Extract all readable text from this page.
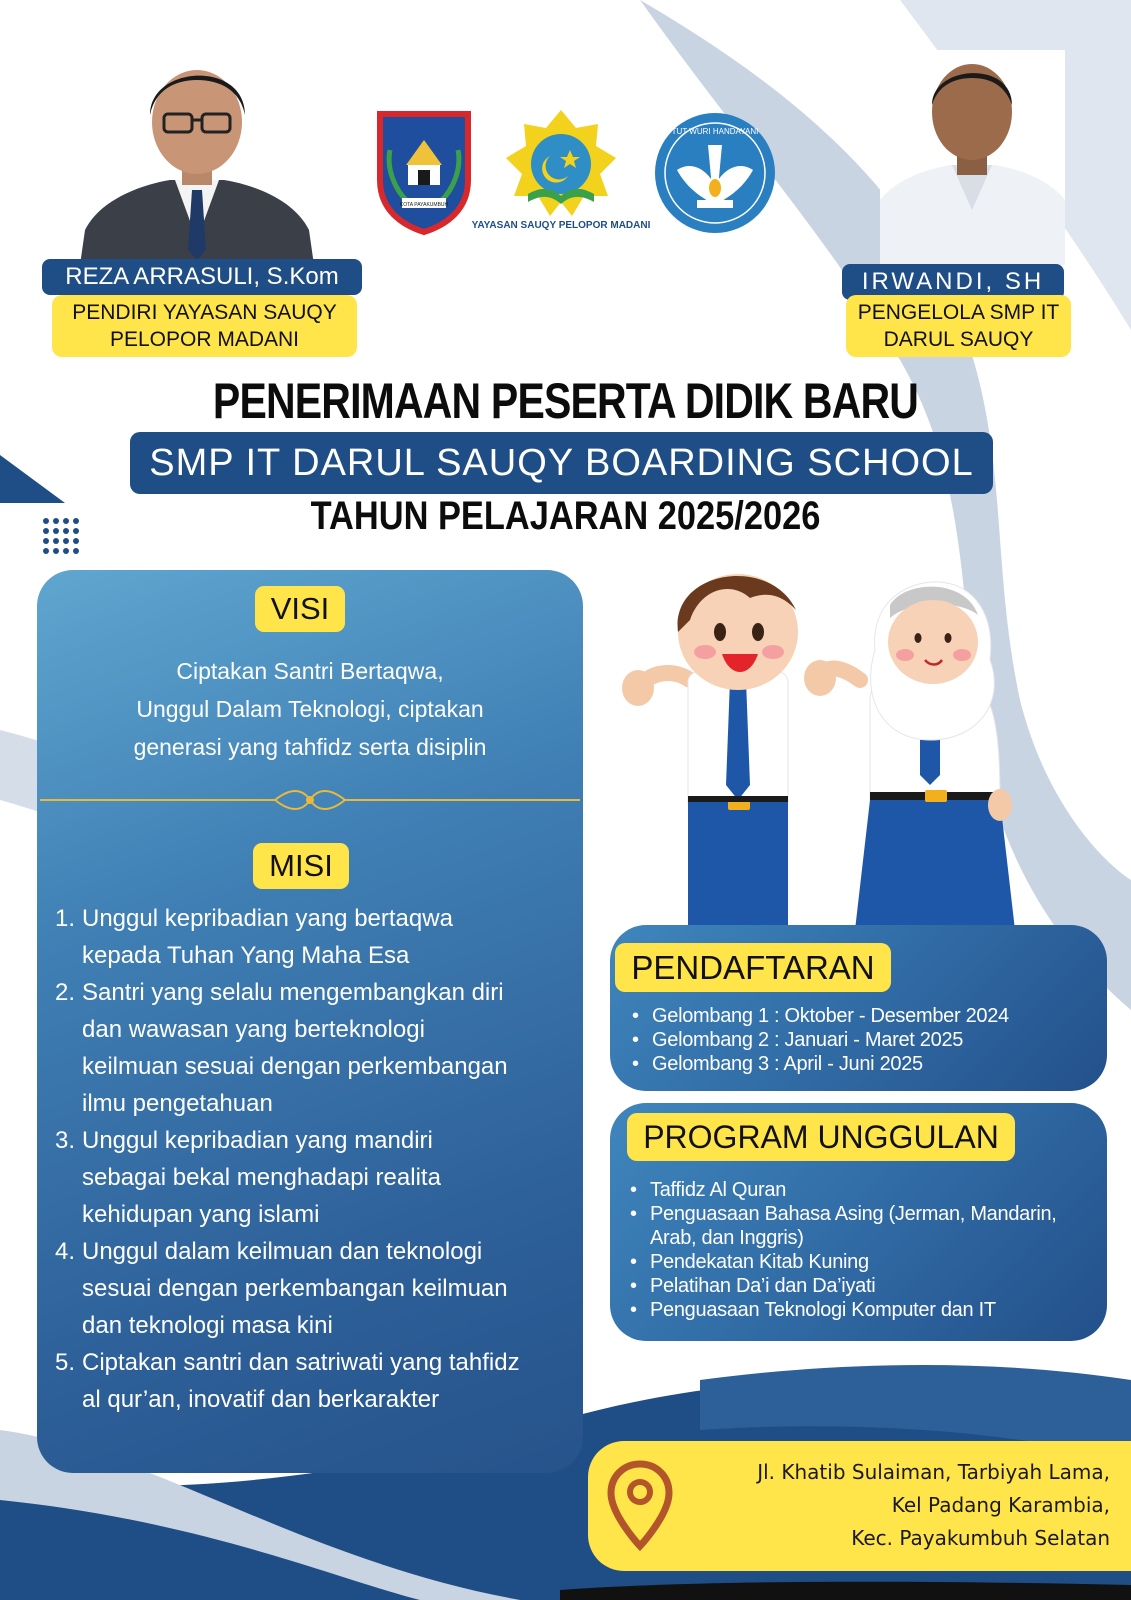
REZA ARRASULI, S.Kom
PENDIRI YAYASAN SAUQY
PELOPOR MADANI
IRWANDI, SH
PENGELOLA SMP IT
DARUL SAUQY
KOTA PAYAKUMBUH
YAYASAN SAUQY PELOPOR MADANI
TUT WURI HANDAYANI
PENERIMAAN PESERTA DIDIK BARU
SMP IT DARUL SAUQY BOARDING SCHOOL
TAHUN PELAJARAN 2025/2026
VISI
Ciptakan Santri Bertaqwa,
Unggul Dalam Teknologi, ciptakan
generasi yang tahfidz serta disiplin
MISI
1. Unggul kepribadian yang bertaqwa
kepada Tuhan Yang Maha Esa
2. Santri yang selalu mengembangkan diri
dan wawasan yang berteknologi
keilmuan sesuai dengan perkembangan
ilmu pengetahuan
3. Unggul kepribadian yang mandiri
sebagai bekal menghadapi realita
kehidupan yang islami
4. Unggul dalam keilmuan dan teknologi
sesuai dengan perkembangan keilmuan
dan teknologi masa kini
5. Ciptakan santri dan satriwati yang tahfidz
al qur’an, inovatif dan berkarakter
PENDAFTARAN
• Gelombang 1 : Oktober - Desember 2024
• Gelombang 2 : Januari - Maret 2025
• Gelombang 3 : April - Juni 2025
PROGRAM UNGGULAN
• Taffidz Al Quran
• Penguasaan Bahasa Asing (Jerman, Mandarin,
Arab, dan Inggris)
• Pendekatan Kitab Kuning
• Pelatihan Da’i dan Da’iyati
• Penguasaan Teknologi Komputer dan IT
Jl. Khatib Sulaiman, Tarbiyah Lama,
Kel Padang Karambia,
Kec. Payakumbuh Selatan
